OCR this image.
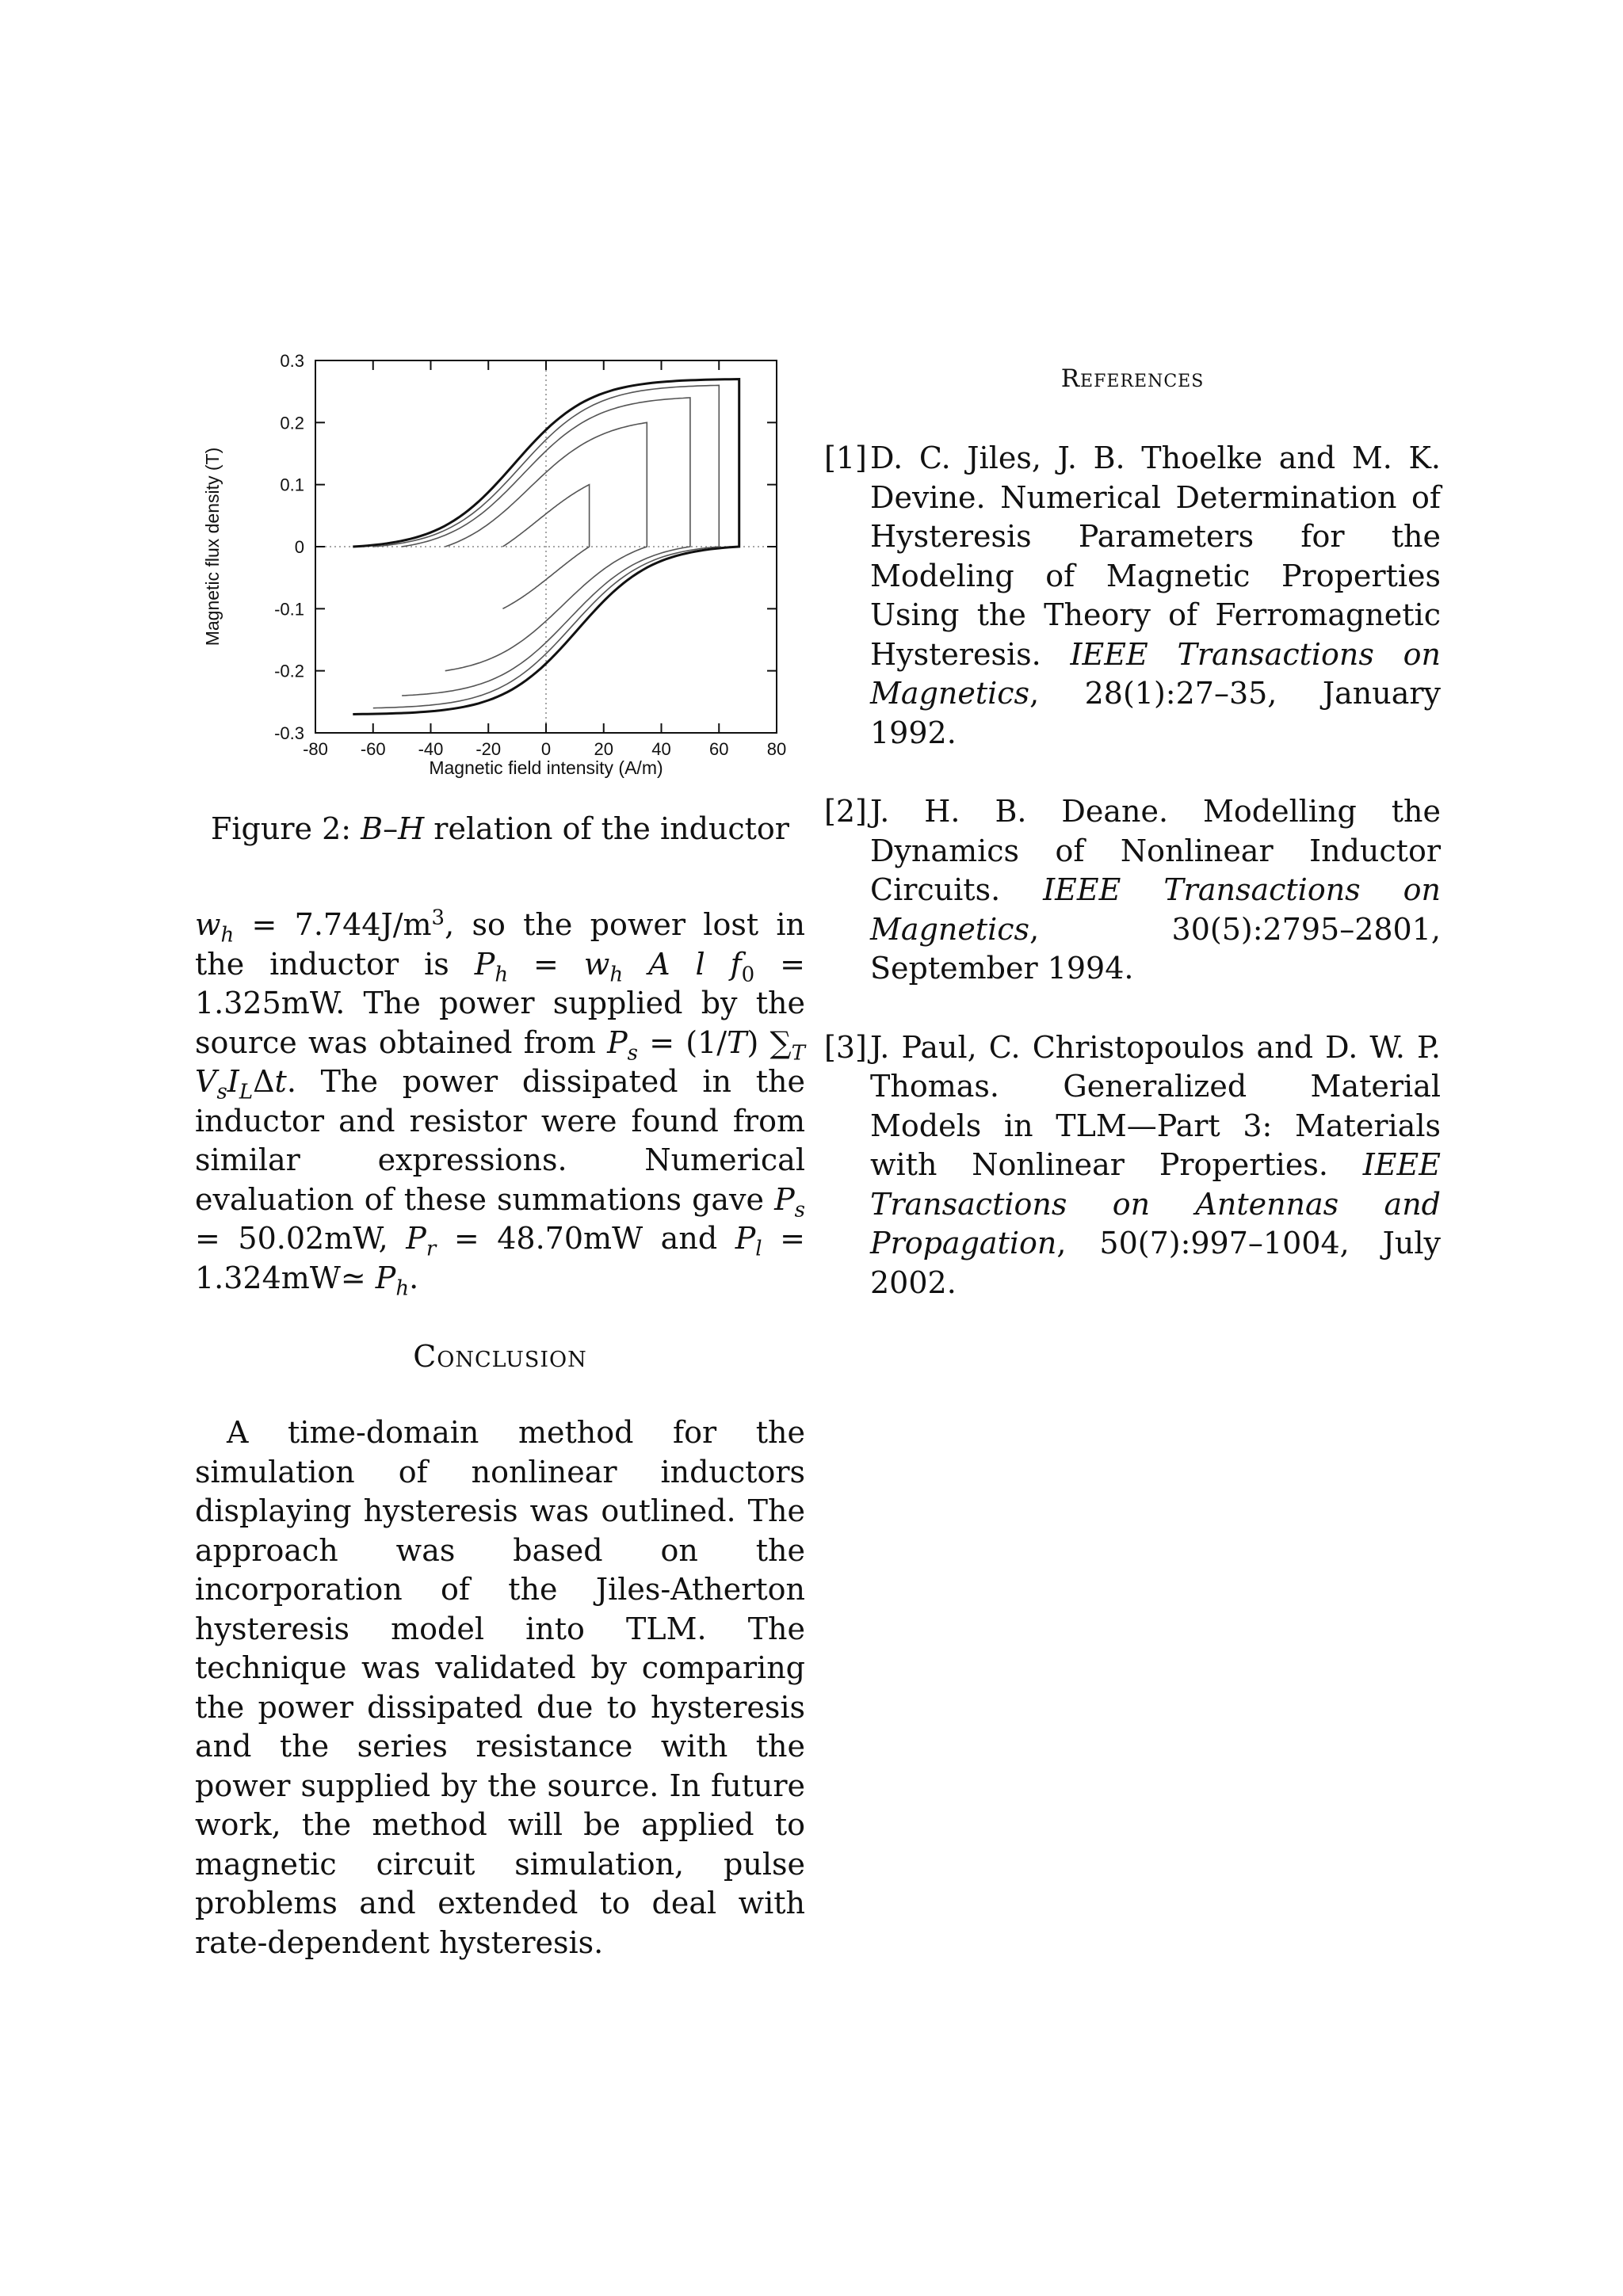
-80 -60 -40 -20 0 20 40 60 80
0.3
0.2
0.1
0
-0.1
-0.2
-0.3
Magnetic field intensity (A/m)
Magnetic flux density (T)
Figure 2: B–H relation of the inductor

$w_h = 7.744J/m^3$, so the power lost in the inductor is $P_h = w_h$ A l $f_0 = 1.325mW$. The power supplied by the source was obtained from $P_s = (1/T)$ $\sum_T$ $V_sI_L\Delta t$. The power dissipated in the inductor and resistor were found from similar expressions. Numerical evaluation of these summations gave $P_s = 50.02mW$, $P_r = 48.70mW$ and $P_l$ = 1.324mW≃ $P_h$.

Conclusion

A time-domain method for the simulation of nonlinear inductors displaying hysteresis was outlined. The approach was based on the incorporation of the Jiles-Atherton hysteresis model into TLM. The technique was validated by comparing the power dissipated due to hysteresis and the series resistance with the power supplied by the source. In future work, the method will be applied to magnetic circuit simulation, pulse problems and extended to deal with rate-dependent hysteresis.

References
[1] D. C. Jiles, J. B. Thoelke and M. K. Devine. Numerical Determination of Hysteresis Parameters for the Modeling of Magnetic Properties Using the Theory of Ferromagnetic Hysteresis. IEEE Transactions on Magnetics, 28(1):27–35, January 1992.
[2] J. H. B. Deane. Modelling the Dynamics of Nonlinear Inductor Circuits. IEEE Transactions on Magnetics, 30(5):2795–2801, September 1994.
[3] J. Paul, C. Christopoulos and D. W. P. Thomas. Generalized Material Models in TLM—Part 3: Materials with Nonlinear Properties. IEEE Transactions on Antennas and Propagation, 50(7):997–1004, July 2002.
